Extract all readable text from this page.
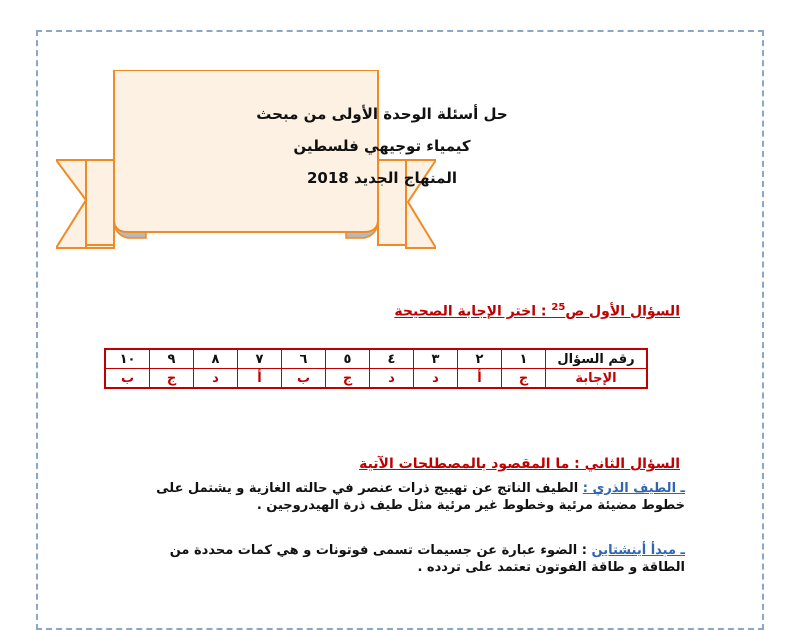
حل أسئلة الوحدة الأولى من مبحث
كيمياء توجيهي فلسطين
المنهاج الجديد 2018
السؤال الأول ص$^{25}$ : اختر الإجابة الصحيحة
رقم السؤال	١	٢	٣	٤	٥	٦	٧	٨	٩	١٠
الإجابة	ج	أ	د	د	ج	ب	أ	د	ج	ب
السؤال الثاني : ما المقصود بالمصطلحات الآتية
ـ الطيف الذري : الطيف الناتج عن تهييج ذرات عنصر في حالته الغازية و يشتمل على خطوط مضيئة مرئية وخطوط غير مرئية مثل طيف ذرة الهيدروجين .
ـ مبدأ أينشتاين : الضوء عبارة عن جسيمات تسمى فوتونات و هي كمات محددة من الطاقة و طاقة الفوتون تعتمد على تردده .
